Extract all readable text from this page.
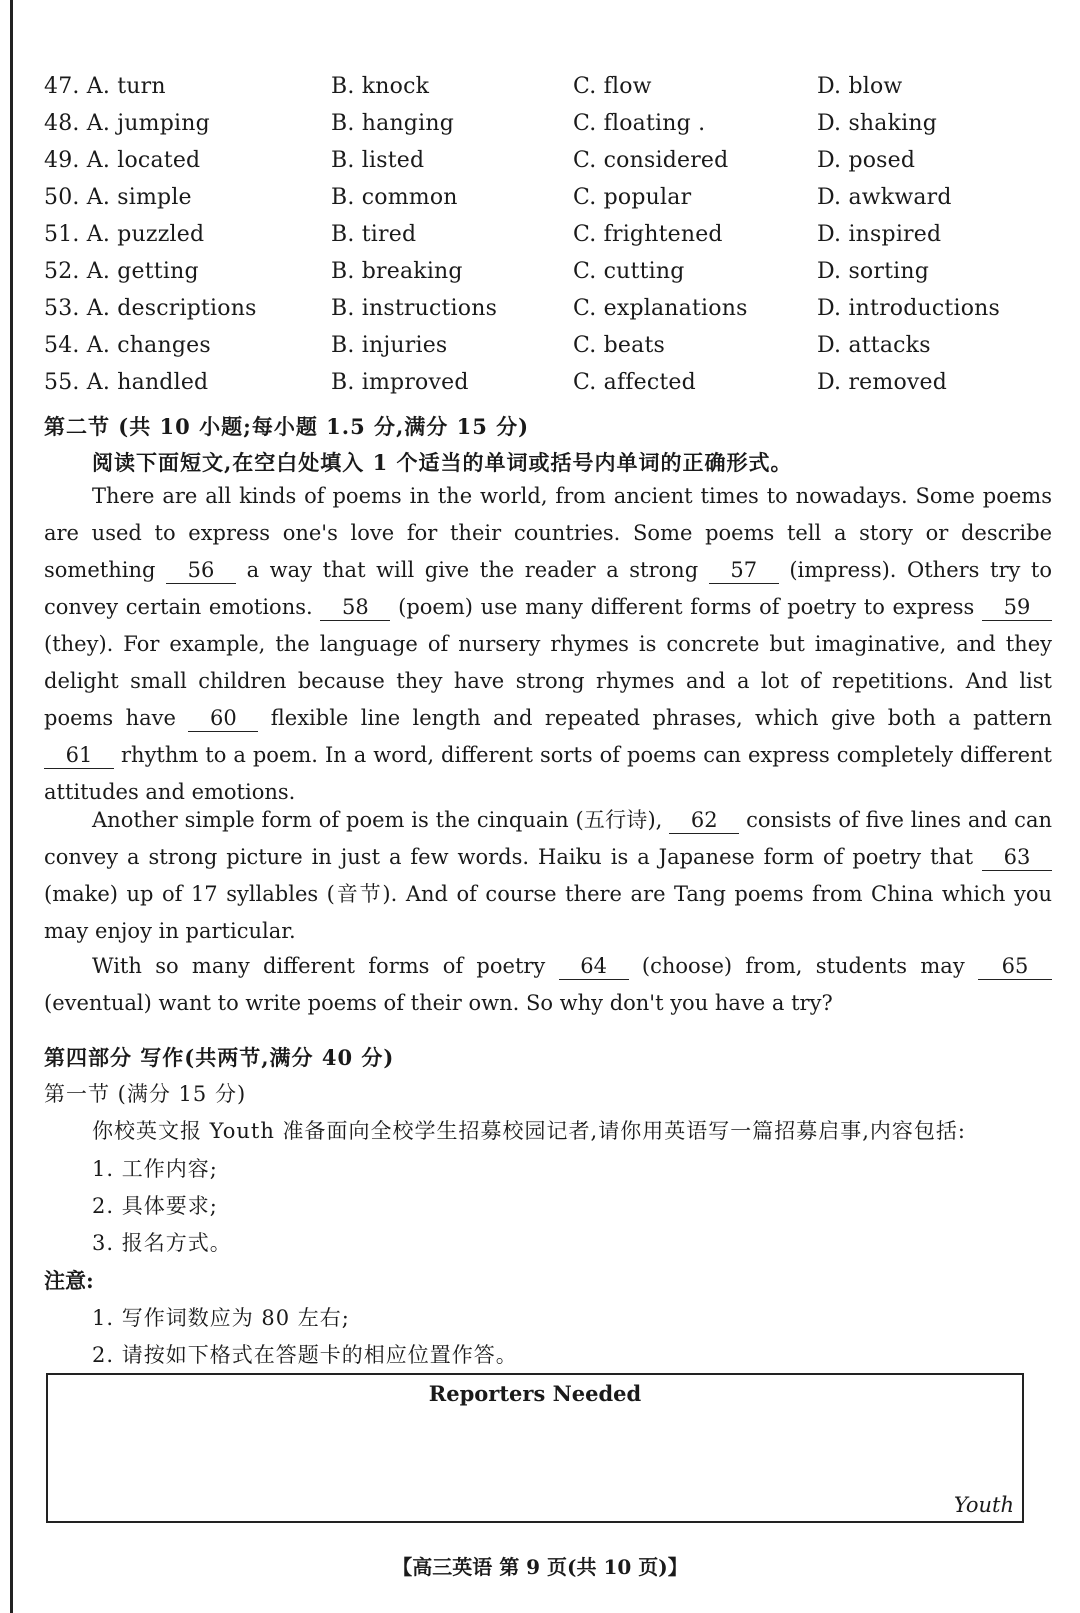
47. A. turn	B. knock	C. flow	D. blow
48. A. jumping	B. hanging	C. floating .	D. shaking
49. A. located	B. listed	C. considered	D. posed
50. A. simple	B. common	C. popular	D. awkward
51. A. puzzled	B. tired	C. frightened	D. inspired
52. A. getting	B. breaking	C. cutting	D. sorting
53. A. descriptions	B. instructions	C. explanations	D. introductions
54. A. changes	B. injuries	C. beats	D. attacks
55. A. handled	B. improved	C. affected	D. removed
第二节 (共 10 小题;每小题 1.5 分,满分 15 分)
阅读下面短文,在空白处填入 1 个适当的单词或括号内单词的正确形式。
There are all kinds of poems in the world, from ancient times to nowadays. Some poems are used to express one's love for their countries. Some poems tell a story or describe something 56 a way that will give the reader a strong 57 (impress). Others try to convey certain emotions. 58 (poem) use many different forms of poetry to express 59 (they). For example, the language of nursery rhymes is concrete but imaginative, and they delight small children because they have strong rhymes and a lot of repetitions. And list poems have 60 flexible line length and repeated phrases, which give both a pattern 61 rhythm to a poem. In a word, different sorts of poems can express completely different attitudes and emotions.
Another simple form of poem is the cinquain (五行诗), 62 consists of five lines and can convey a strong picture in just a few words. Haiku is a Japanese form of poetry that 63 (make) up of 17 syllables (音节). And of course there are Tang poems from China which you may enjoy in particular.
With so many different forms of poetry 64 (choose) from, students may 65 (eventual) want to write poems of their own. So why don't you have a try?
第四部分 写作(共两节,满分 40 分)
第一节 (满分 15 分)
你校英文报 Youth 准备面向全校学生招募校园记者,请你用英语写一篇招募启事,内容包括:
1. 工作内容;
2. 具体要求;
3. 报名方式。
注意:
1. 写作词数应为 80 左右;
2. 请按如下格式在答题卡的相应位置作答。
Reporters Needed
Youth
【高三英语 第 9 页(共 10 页)】
